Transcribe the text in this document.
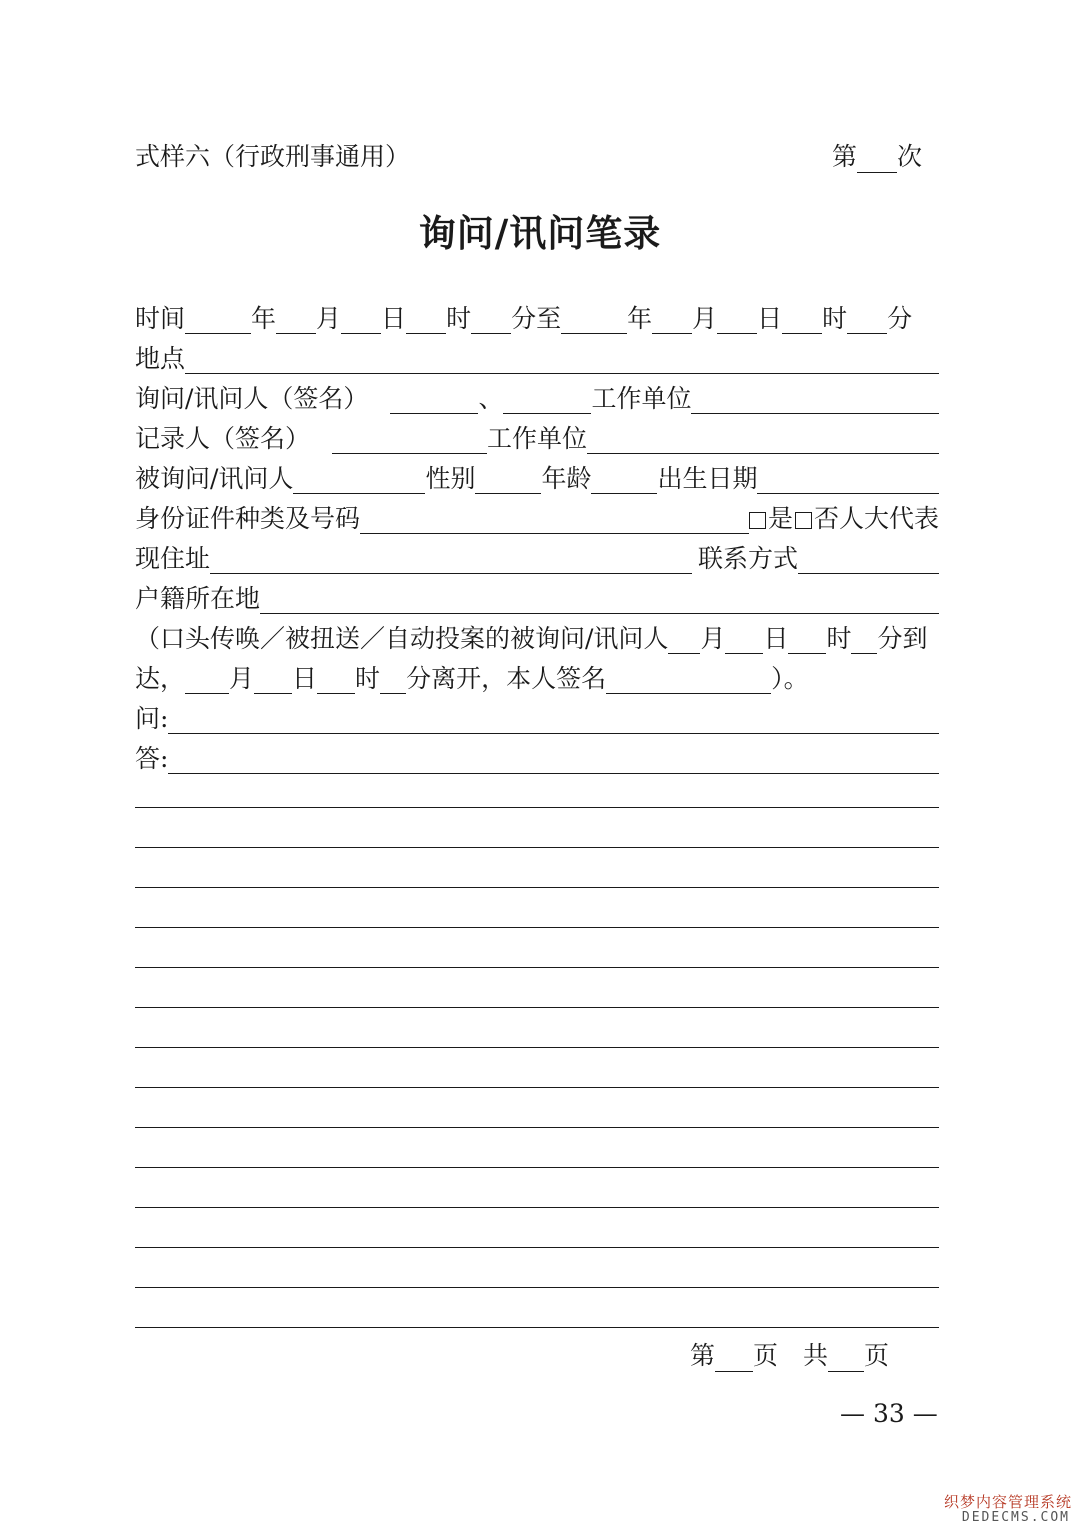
式样六（行政刑事通用）	第 次
询问/讯问笔录
时间	年 月 日 时 分 至	年 月 日 时 分
地点
询问/讯问人（签名）	、	工作单位
记录人（签名）	工作单位
被询问/讯问人	性别	年龄	出生日期
身份证件种类及号码	是 否人大代表
现住址	联系方式
户籍所在地
（口头传唤／被扭送／自动投案的被询问/讯问人 月 日 时 分到
达， 月 日 时 分离开，本人签名	）。
问:
答:
第 页　共 页
— 33 —
织梦内容管理系统
DEDECMS.COM
